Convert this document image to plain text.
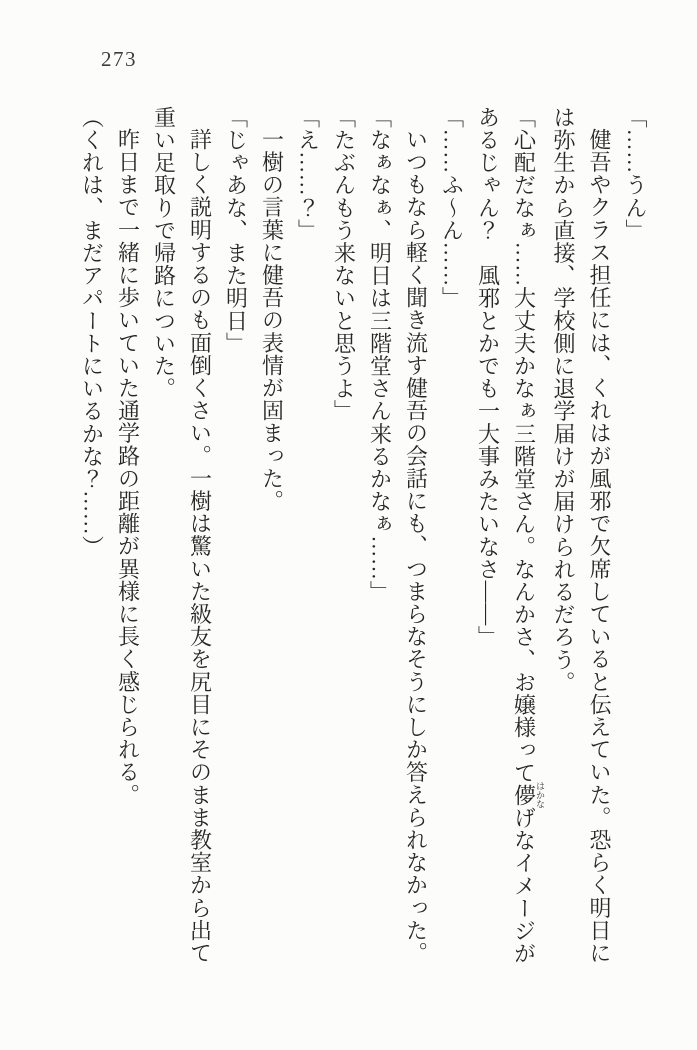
273

「……うん」

健吾やクラス担任には、くれはが風邪で欠席していると伝えていた。恐らく明日に

は弥生から直接、学校側に退学届けが届けられるだろう。

「心配だなぁ……大丈夫かなぁ三階堂さん。なんかさ、お嬢様って儚はかなげなイメージが

あるじゃん？　風邪とかでも一大事みたいなさ――」

「……ふ〜ん……」

いつもなら軽く聞き流す健吾の会話にも、つまらなそうにしか答えられなかった。

「なぁなぁ、明日は三階堂さん来るかなぁ……」

「たぶんもう来ないと思うよ」

「え……？」

一樹の言葉に健吾の表情が固まった。

「じゃあな、また明日」

詳しく説明するのも面倒くさい。一樹は驚いた級友を尻目にそのまま教室から出て

重い足取りで帰路についた。

昨日まで一緒に歩いていた通学路の距離が異様に長く感じられる。

（くれは、まだアパートにいるかな？……）
